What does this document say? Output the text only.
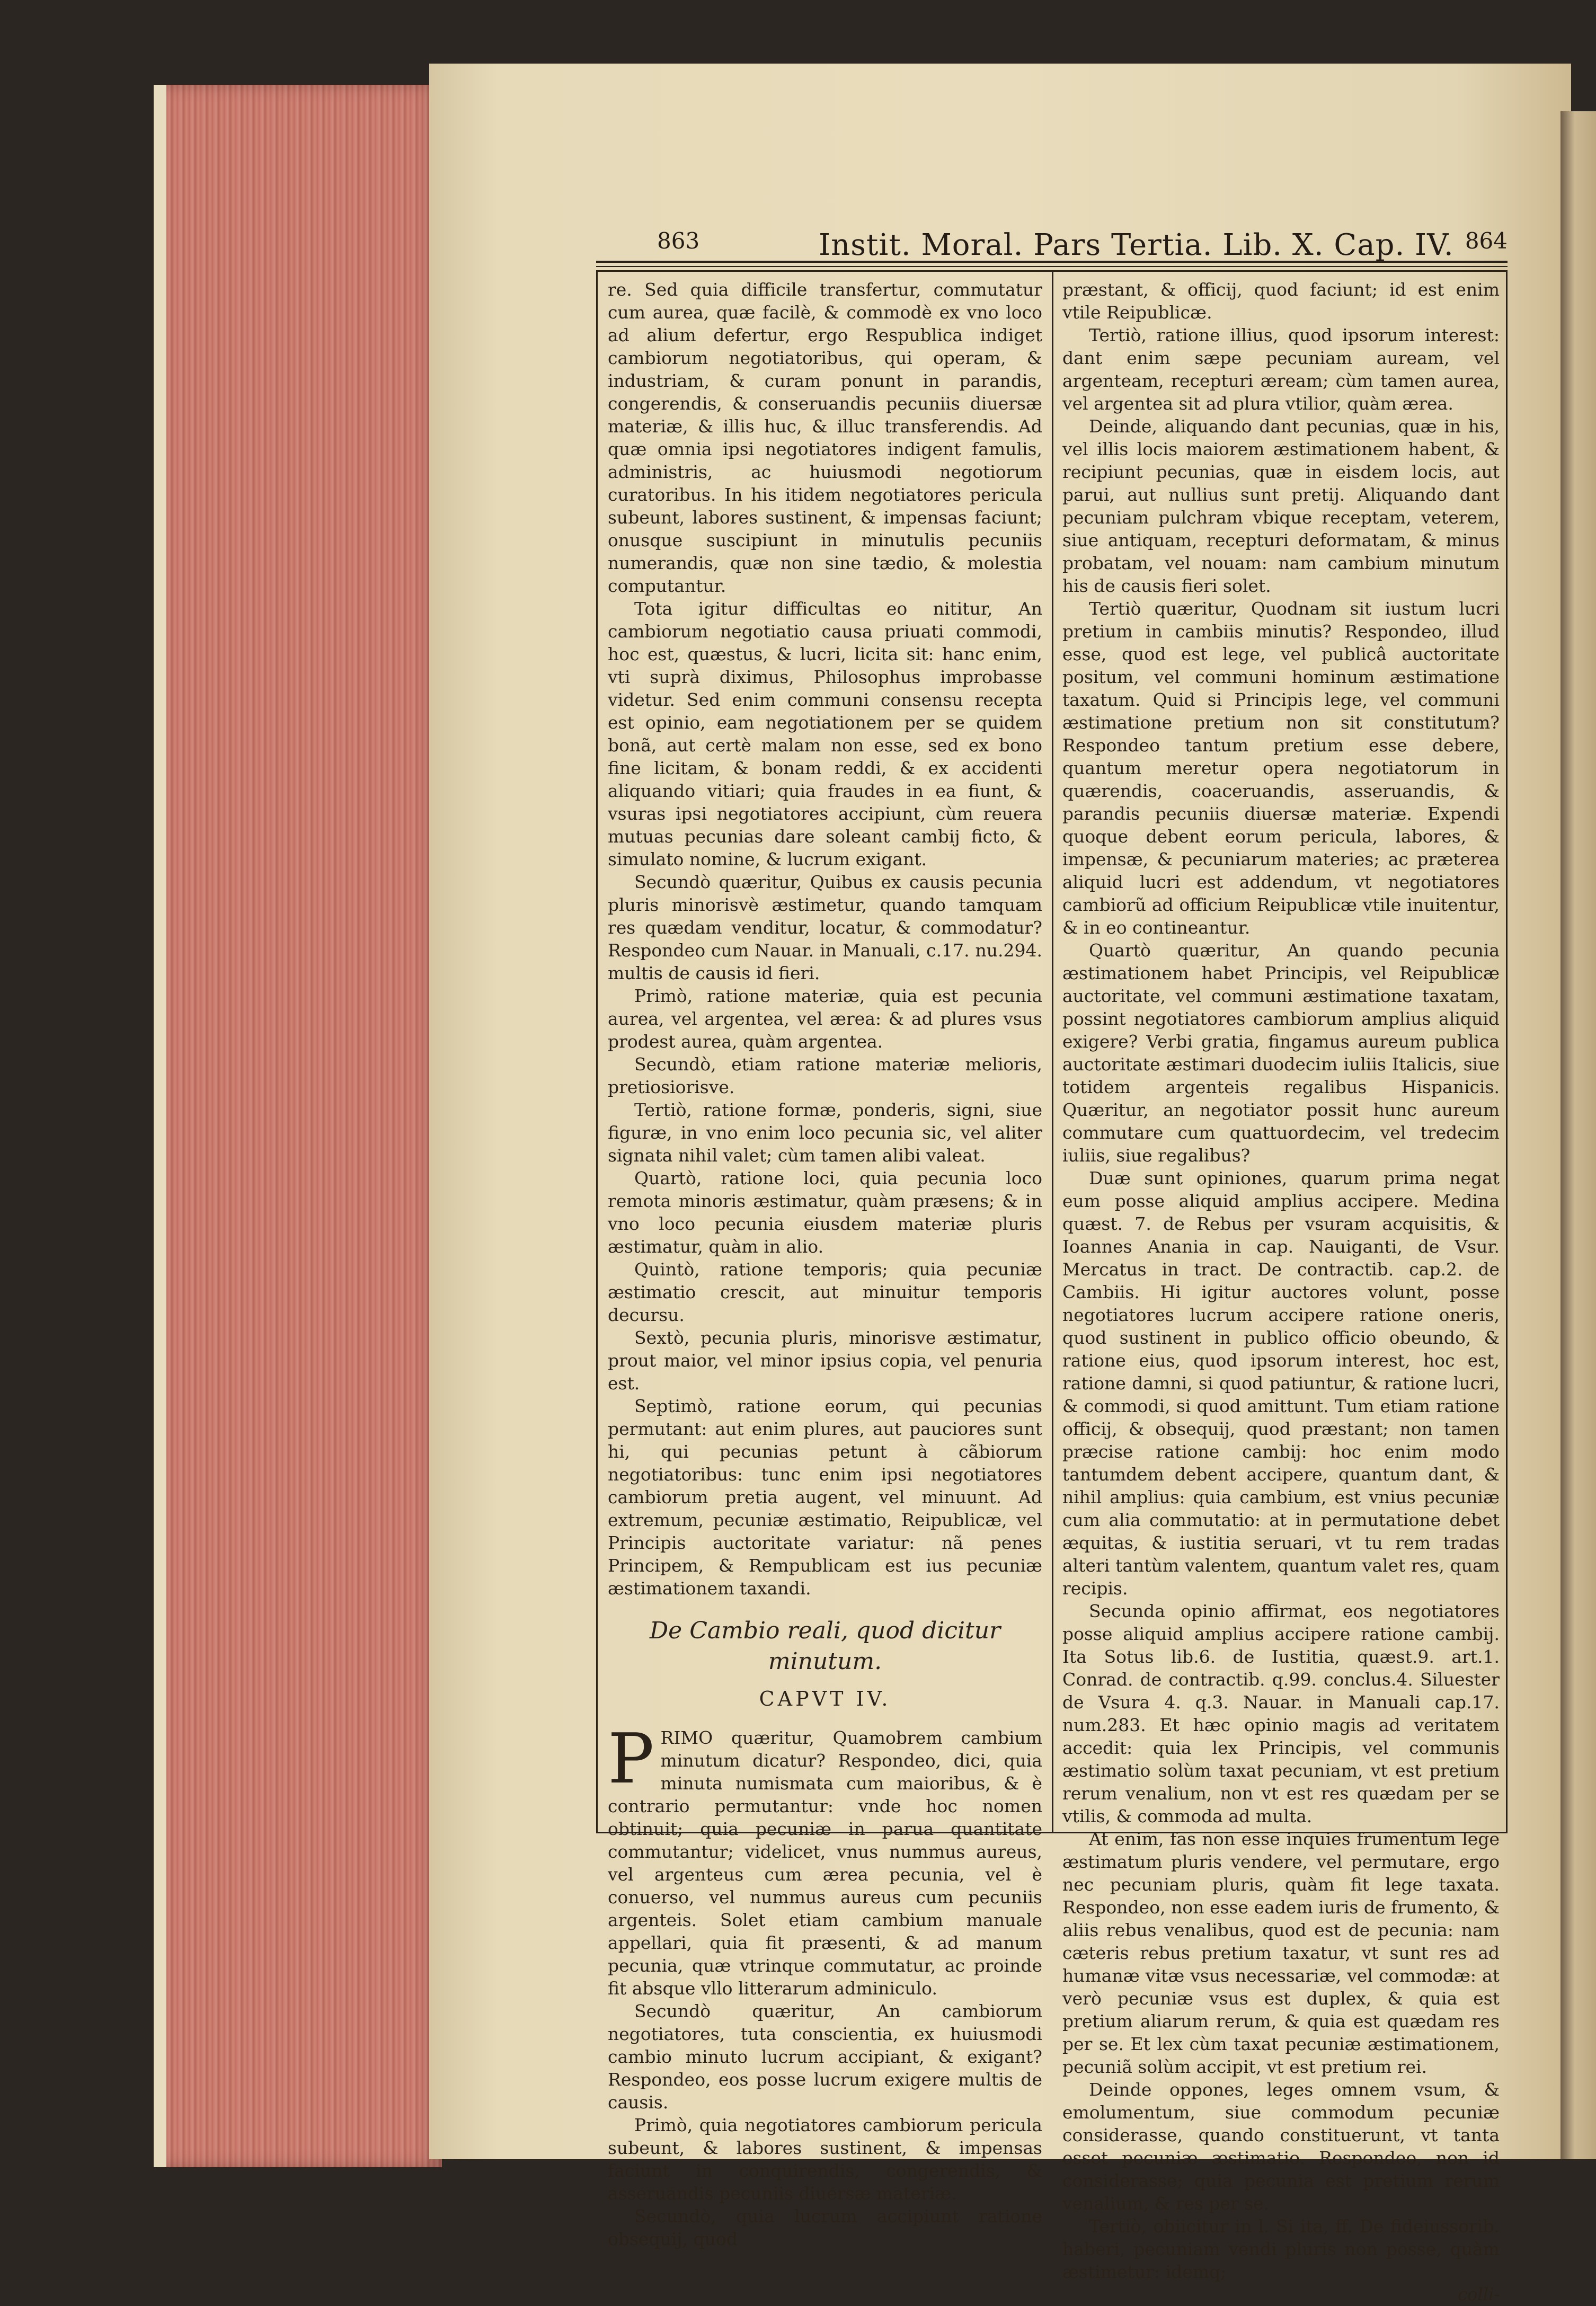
863	Instit. Moral. Pars Tertia. Lib. X. Cap. IV. 864

re. Sed quia difficile transfertur, commutatur cum aurea, quæ facilè, & commodè ex vno loco ad alium defertur, ergo Respublica indiget cambiorum negotiatoribus, qui operam, & industriam, & curam ponunt in parandis, congerendis, & conseruandis pecuniis diuersæ materiæ, & illis huc, & illuc transferendis. Ad quæ omnia ipsi negotiatores indigent famulis, administris, ac huiusmodi negotiorum curatoribus. In his itidem negotiatores pericula subeunt, labores sustinent, & impensas faciunt; onusque suscipiunt in minutulis pecuniis numerandis, quæ non sine tædio, & molestia computantur.

Tota igitur difficultas eo nititur, An cambiorum negotiatio causa priuati commodi, hoc est, quæstus, & lucri, licita sit: hanc enim, vti suprà diximus, Philosophus improbasse videtur. Sed enim communi consensu recepta est opinio, eam negotiationem per se quidem bonã, aut certè malam non esse, sed ex bono fine licitam, & bonam reddi, & ex accidenti aliquando vitiari; quia fraudes in ea fiunt, & vsuras ipsi negotiatores accipiunt, cùm reuera mutuas pecunias dare soleant cambij ficto, & simulato nomine, & lucrum exigant.

Secundò quæritur, Quibus ex causis pecunia pluris minorisvè æstimetur, quando tamquam res quædam venditur, locatur, & commodatur? Respondeo cum Nauar. in Manuali, c.17. nu.294. multis de causis id fieri.

Primò, ratione materiæ, quia est pecunia aurea, vel argentea, vel ærea: & ad plures vsus prodest aurea, quàm argentea.

Secundò, etiam ratione materiæ melioris, pretiosiorisve.

Tertiò, ratione formæ, ponderis, signi, siue figuræ, in vno enim loco pecunia sic, vel aliter signata nihil valet; cùm tamen alibi valeat.

Quartò, ratione loci, quia pecunia loco remota minoris æstimatur, quàm præsens; & in vno loco pecunia eiusdem materiæ pluris æstimatur, quàm in alio.

Quintò, ratione temporis; quia pecuniæ æstimatio crescit, aut minuitur temporis decursu.

Sextò, pecunia pluris, minorisve æstimatur, prout maior, vel minor ipsius copia, vel penuria est.

Septimò, ratione eorum, qui pecunias permutant: aut enim plures, aut pauciores sunt hi, qui pecunias petunt à cãbiorum negotiatoribus: tunc enim ipsi negotiatores cambiorum pretia augent, vel minuunt. Ad extremum, pecuniæ æstimatio, Reipublicæ, vel Principis auctoritate variatur: nã penes Principem, & Rempublicam est ius pecuniæ æstimationem taxandi.

De Cambio reali, quod dicitur minutum.
CAPVT IV.
P RIMO quæritur, Quamobrem cambium minutum dicatur? Respondeo, dici, quia minuta numismata cum maioribus, & è contrario permutantur: vnde hoc nomen obtinuit; quia pecuniæ in parua quantitate commutantur; videlicet, vnus nummus aureus, vel argenteus cum ærea pecunia, vel è conuerso, vel nummus aureus cum pecuniis argenteis. Solet etiam cambium manuale appellari, quia fit præsenti, & ad manum pecunia, quæ vtrinque commutatur, ac proinde fit absque vllo litterarum adminiculo.

Secundò quæritur, An cambiorum negotiatores, tuta conscientia, ex huiusmodi cambio minuto lucrum accipiant, & exigant? Respondeo, eos posse lucrum exigere multis de causis.

Primò, quia negotiatores cambiorum pericula subeunt, & labores sustinent, & impensas faciunt in conquirendis, congerendis, & asseruandis pecuniis diuersæ materiæ.

Secundò, quia lucrum accipiunt ratione obsequij, quod

præstant, & officij, quod faciunt; id est enim vtile Reipublicæ.

Tertiò, ratione illius, quod ipsorum interest: dant enim sæpe pecuniam auream, vel argenteam, recepturi æream; cùm tamen aurea, vel argentea sit ad plura vtilior, quàm ærea.

Deinde, aliquando dant pecunias, quæ in his, vel illis locis maiorem æstimationem habent, & recipiunt pecunias, quæ in eisdem locis, aut parui, aut nullius sunt pretij. Aliquando dant pecuniam pulchram vbique receptam, veterem, siue antiquam, recepturi deformatam, & minus probatam, vel nouam: nam cambium minutum his de causis fieri solet.

Tertiò quæritur, Quodnam sit iustum lucri pretium in cambiis minutis? Respondeo, illud esse, quod est lege, vel publicâ auctoritate positum, vel communi hominum æstimatione taxatum. Quid si Principis lege, vel communi æstimatione pretium non sit constitutum? Respondeo tantum pretium esse debere, quantum meretur opera negotiatorum in quærendis, coaceruandis, asseruandis, & parandis pecuniis diuersæ materiæ. Expendi quoque debent eorum pericula, labores, & impensæ, & pecuniarum materies; ac præterea aliquid lucri est addendum, vt negotiatores cambiorũ ad officium Reipublicæ vtile inuitentur, & in eo contineantur.

Quartò quæritur, An quando pecunia æstimationem habet Principis, vel Reipublicæ auctoritate, vel communi æstimatione taxatam, possint negotiatores cambiorum amplius aliquid exigere? Verbi gratia, fingamus aureum publica auctoritate æstimari duodecim iuliis Italicis, siue totidem argenteis regalibus Hispanicis. Quæritur, an negotiator possit hunc aureum commutare cum quattuordecim, vel tredecim iuliis, siue regalibus?

Duæ sunt opiniones, quarum prima negat eum posse aliquid amplius accipere. Medina quæst. 7. de Rebus per vsuram acquisitis, & Ioannes Anania in cap. Nauiganti, de Vsur. Mercatus in tract. De contractib. cap.2. de Cambiis. Hi igitur auctores volunt, posse negotiatores lucrum accipere ratione oneris, quod sustinent in publico officio obeundo, & ratione eius, quod ipsorum interest, hoc est, ratione damni, si quod patiuntur, & ratione lucri, & commodi, si quod amittunt. Tum etiam ratione officij, & obsequij, quod præstant; non tamen præcise ratione cambij: hoc enim modo tantumdem debent accipere, quantum dant, & nihil amplius: quia cambium, est vnius pecuniæ cum alia commutatio: at in permutatione debet æquitas, & iustitia seruari, vt tu rem tradas alteri tantùm valentem, quantum valet res, quam recipis.

Secunda opinio affirmat, eos negotiatores posse aliquid amplius accipere ratione cambij. Ita Sotus lib.6. de Iustitia, quæst.9. art.1. Conrad. de contractib. q.99. conclus.4. Siluester de Vsura 4. q.3. Nauar. in Manuali cap.17. num.283. Et hæc opinio magis ad veritatem accedit: quia lex Principis, vel communis æstimatio solùm taxat pecuniam, vt est pretium rerum venalium, non vt est res quædam per se vtilis, & commoda ad multa.

At enim, fas non esse inquies frumentum lege æstimatum pluris vendere, vel permutare, ergo nec pecuniam pluris, quàm fit lege taxata. Respondeo, non esse eadem iuris de frumento, & aliis rebus venalibus, quod est de pecunia: nam cæteris rebus pretium taxatur, vt sunt res ad humanæ vitæ vsus necessariæ, vel commodæ: at verò pecuniæ vsus est duplex, & quia est pretium aliarum rerum, & quia est quædam res per se. Et lex cùm taxat pecuniæ æstimationem, pecuniã solùm accipit, vt est pretium rei.

Deinde oppones, leges omnem vsum, & emolumentum, siue commodum pecuniæ considerasse, quando constituerunt, vt tanta esset pecuniæ æstimatio. Respondeo, non id considerasse; quia pecunia est pretium rerum venalium, & res per se.

Tertiò, obiicitur in l. Si ita, ff. De fideiussorib. haberi, pecuniam vendi pluris non posse, quàm æstimetur: idemq;

colli-
